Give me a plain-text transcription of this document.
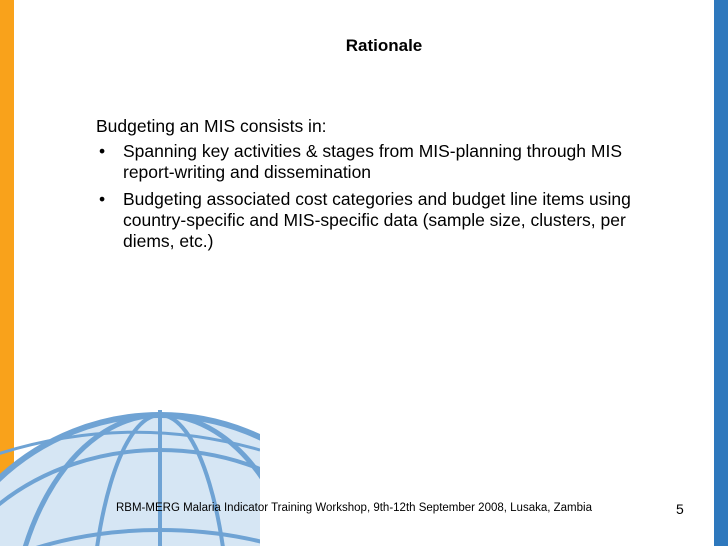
Rationale

Budgeting an MIS consists in:

• Spanning key activities & stages from MIS-planning through MIS report-writing and dissemination
• Budgeting associated cost categories and budget line items using country-specific and MIS-specific data (sample size, clusters, per diems, etc.)
RBM-MERG Malaria Indicator Training Workshop, 9th-12th September 2008, Lusaka, Zambia	5
